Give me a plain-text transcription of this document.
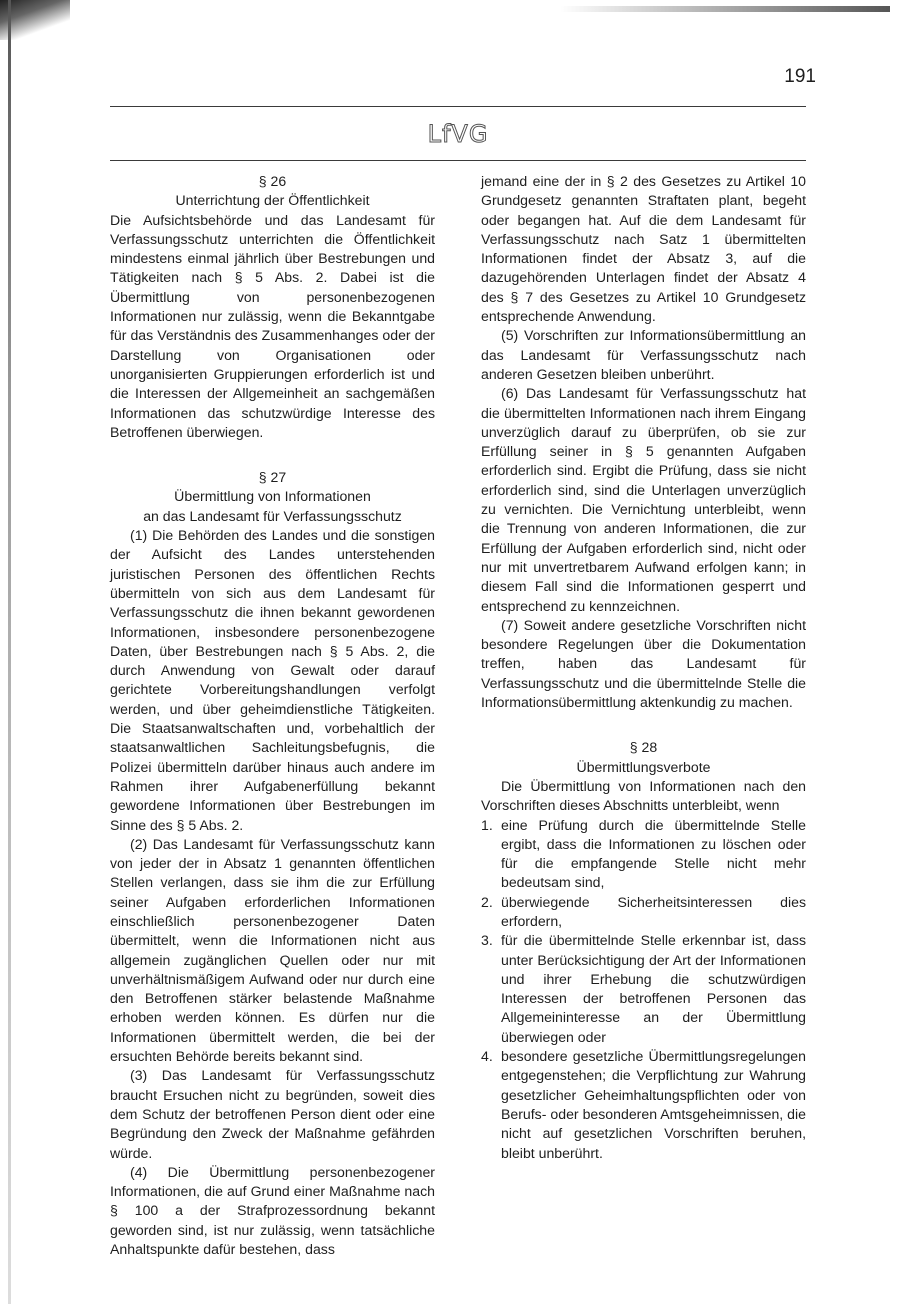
191
LfVG

§ 26

Unterrichtung der Öffentlichkeit

Die Aufsichtsbehörde und das Landesamt für Verfassungsschutz unterrichten die Öffentlichkeit mindestens einmal jährlich über Bestrebungen und Tätigkeiten nach § 5 Abs. 2. Dabei ist die Übermittlung von personenbezogenen Informationen nur zulässig, wenn die Bekanntgabe für das Verständnis des Zusammenhanges oder der Darstellung von Organisationen oder unorganisierten Gruppierungen erforderlich ist und die Interessen der Allgemeinheit an sachgemäßen Informationen das schutzwürdige Interesse des Betroffenen überwiegen.

§ 27

Übermittlung von Informationen

an das Landesamt für Verfassungsschutz

(1) Die Behörden des Landes und die sonstigen der Aufsicht des Landes unterstehenden juristischen Personen des öffentlichen Rechts übermitteln von sich aus dem Landesamt für Verfassungsschutz die ihnen bekannt gewordenen Informationen, insbesondere personenbezogene Daten, über Bestrebungen nach § 5 Abs. 2, die durch Anwendung von Gewalt oder darauf gerichtete Vorbereitungshandlungen verfolgt werden, und über geheimdienstliche Tätigkeiten. Die Staatsanwaltschaften und, vorbehaltlich der staatsanwaltlichen Sachleitungsbefugnis, die Polizei übermitteln darüber hinaus auch andere im Rahmen ihrer Aufgabenerfüllung bekannt gewordene Informationen über Bestrebungen im Sinne des § 5 Abs. 2.

(2) Das Landesamt für Verfassungsschutz kann von jeder der in Absatz 1 genannten öffentlichen Stellen verlangen, dass sie ihm die zur Erfüllung seiner Aufgaben erforderlichen Informationen einschließlich personenbezogener Daten übermittelt, wenn die Informationen nicht aus allgemein zugänglichen Quellen oder nur mit unverhältnismäßigem Aufwand oder nur durch eine den Betroffenen stärker belastende Maßnahme erhoben werden können. Es dürfen nur die Informationen übermittelt werden, die bei der ersuchten Behörde bereits bekannt sind.

(3) Das Landesamt für Verfassungsschutz braucht Ersuchen nicht zu begründen, soweit dies dem Schutz der betroffenen Person dient oder eine Begründung den Zweck der Maßnahme gefährden würde.

(4) Die Übermittlung personenbezogener Informationen, die auf Grund einer Maßnahme nach § 100 a der Strafprozessordnung bekannt geworden sind, ist nur zulässig, wenn tatsächliche Anhaltspunkte dafür bestehen, dass

jemand eine der in § 2 des Gesetzes zu Artikel 10 Grundgesetz genannten Straftaten plant, begeht oder begangen hat. Auf die dem Landesamt für Verfassungsschutz nach Satz 1 übermittelten Informationen findet der Absatz 3, auf die dazugehörenden Unterlagen findet der Absatz 4 des § 7 des Gesetzes zu Artikel 10 Grundgesetz entsprechende Anwendung.

(5) Vorschriften zur Informationsübermittlung an das Landesamt für Verfassungsschutz nach anderen Gesetzen bleiben unberührt.

(6) Das Landesamt für Verfassungsschutz hat die übermittelten Informationen nach ihrem Eingang unverzüglich darauf zu überprüfen, ob sie zur Erfüllung seiner in § 5 genannten Aufgaben erforderlich sind. Ergibt die Prüfung, dass sie nicht erforderlich sind, sind die Unterlagen unverzüglich zu vernichten. Die Vernichtung unterbleibt, wenn die Trennung von anderen Informationen, die zur Erfüllung der Aufgaben erforderlich sind, nicht oder nur mit unvertretbarem Aufwand erfolgen kann; in diesem Fall sind die Informationen gesperrt und entsprechend zu kennzeichnen.

(7) Soweit andere gesetzliche Vorschriften nicht besondere Regelungen über die Dokumentation treffen, haben das Landesamt für Verfassungsschutz und die übermittelnde Stelle die Informationsübermittlung aktenkundig zu machen.

§ 28

Übermittlungsverbote

Die Übermittlung von Informationen nach den Vorschriften dieses Abschnitts unterbleibt, wenn

1. eine Prüfung durch die übermittelnde Stelle ergibt, dass die Informationen zu löschen oder für die empfangende Stelle nicht mehr bedeutsam sind,
2. überwiegende Sicherheitsinteressen dies erfordern,
3. für die übermittelnde Stelle erkennbar ist, dass unter Berücksichtigung der Art der Informationen und ihrer Erhebung die schutzwürdigen Interessen der betroffenen Personen das Allgemeininteresse an der Übermittlung überwiegen oder
4. besondere gesetzliche Übermittlungsregelungen entgegenstehen; die Verpflichtung zur Wahrung gesetzlicher Geheimhaltungspflichten oder von Berufs- oder besonderen Amtsgeheimnissen, die nicht auf gesetzlichen Vorschriften beruhen, bleibt unberührt.
